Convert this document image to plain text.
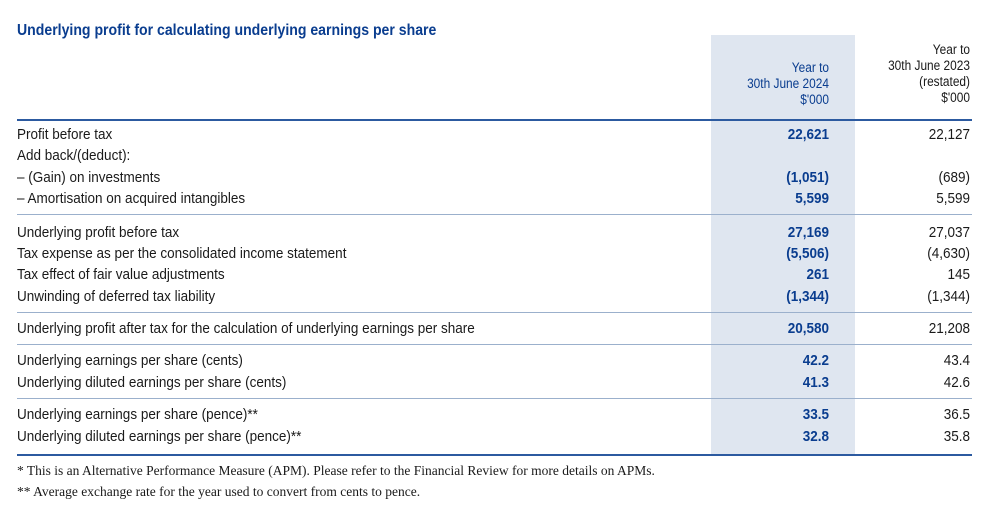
Underlying profit for calculating underlying earnings per share
Year to
30th June 2024
$'000
Year to
30th June 2023
(restated)
$'000
Profit before tax	22,621	22,127
Add back/(deduct):
– (Gain) on investments	(1,051)	(689)
– Amortisation on acquired intangibles	5,599	5,599
Underlying profit before tax	27,169	27,037
Tax expense as per the consolidated income statement	(5,506)	(4,630)
Tax effect of fair value adjustments	261	145
Unwinding of deferred tax liability	(1,344)	(1,344)
Underlying profit after tax for the calculation of underlying earnings per share	20,580	21,208
Underlying earnings per share (cents)	42.2	43.4
Underlying diluted earnings per share (cents)	41.3	42.6
Underlying earnings per share (pence)**	33.5	36.5
Underlying diluted earnings per share (pence)**	32.8	35.8
* This is an Alternative Performance Measure (APM). Please refer to the Financial Review for more details on APMs.
** Average exchange rate for the year used to convert from cents to pence.
